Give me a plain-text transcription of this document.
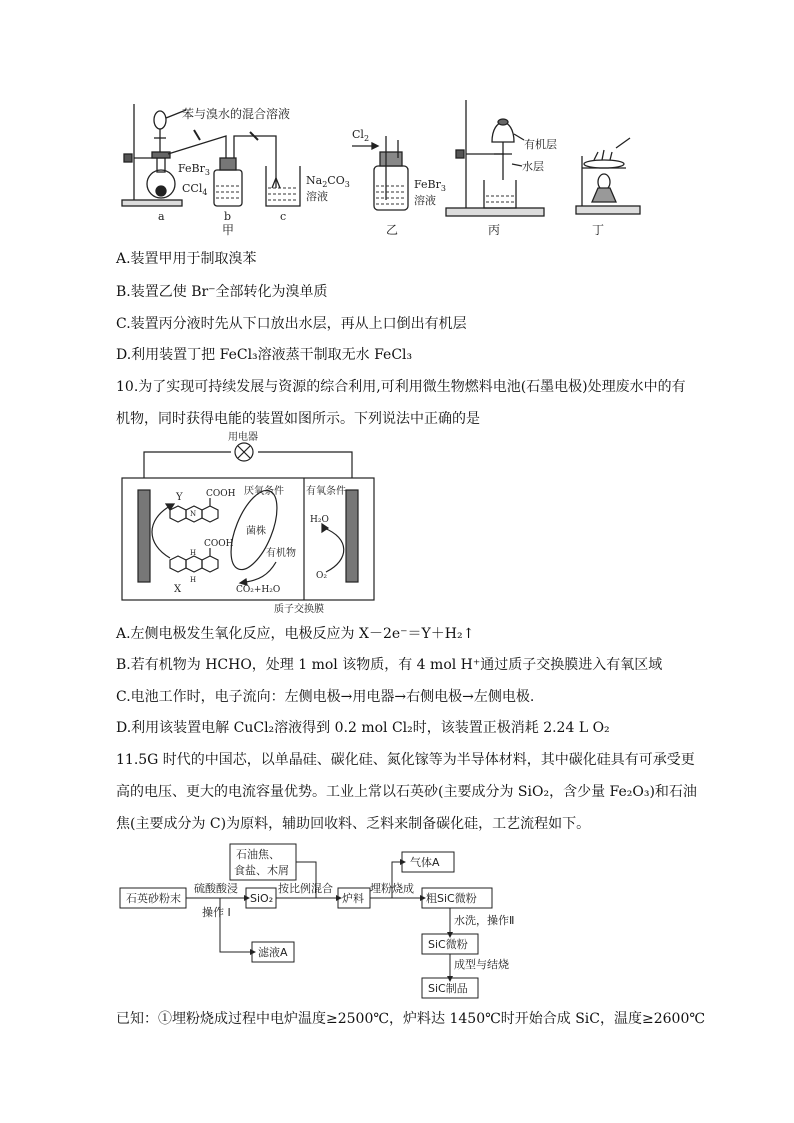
苯与溴水的混合溶液
FeBr$_3$
CCl$_4$
$Na_2CO_3$
溶液
a	b	c
甲
$Cl_2$
FeBr$_3$
溶液
乙
有机层
水层
丙	丁
A.装置甲用于制取溴苯
B.装置乙使 Br⁻全部转化为溴单质
C.装置丙分液时先从下口放出水层，再从上口倒出有机层
D.利用装置丁把 FeCl₃溶液蒸干制取无水 FeCl₃
10.为了实现可持续发展与资源的综合利用,可利用微生物燃料电池(石墨电极)处理废水中的有
机物，同时获得电能的装置如图所示。下列说法中正确的是
用电器
厌氧条件 有氧条件
Y	COOH
COOH
N
H
H
菌株
有机物
X	CO₂+H₂O
H₂O
O₂
质子交换膜
A.左侧电极发生氧化反应，电极反应为 X－2e⁻＝Y＋H₂↑
B.若有机物为 HCHO，处理 1 mol 该物质，有 4 mol H⁺通过质子交换膜进入有氧区域
C.电池工作时，电子流向：左侧电极→用电器→右侧电极→左侧电极.
D.利用该装置电解 CuCl₂溶液得到 0.2 mol Cl₂时，该装置正极消耗 2.24 L O₂
11.5G 时代的中国芯，以单晶硅、碳化硅、氮化镓等为半导体材料，其中碳化硅具有可承受更
高的电压、更大的电流容量优势。工业上常以石英砂(主要成分为 SiO₂，含少量 Fe₂O₃)和石油
焦(主要成分为 C)为原料，辅助回收料、乏料来制备碳化硅，工艺流程如下。
石英砂粉末	SiO₂
石油焦、
食盐、木屑
炉料
气体A
粗SiC微粉
SiC微粉
SiC制品
滤液A
硫酸酸浸
操作 I
按比例混合	埋粉烧成
水洗，操作Ⅱ
成型与结烧
已知：①埋粉烧成过程中电炉温度≥2500℃，炉料达 1450℃时开始合成 SiC，温度≥2600℃
